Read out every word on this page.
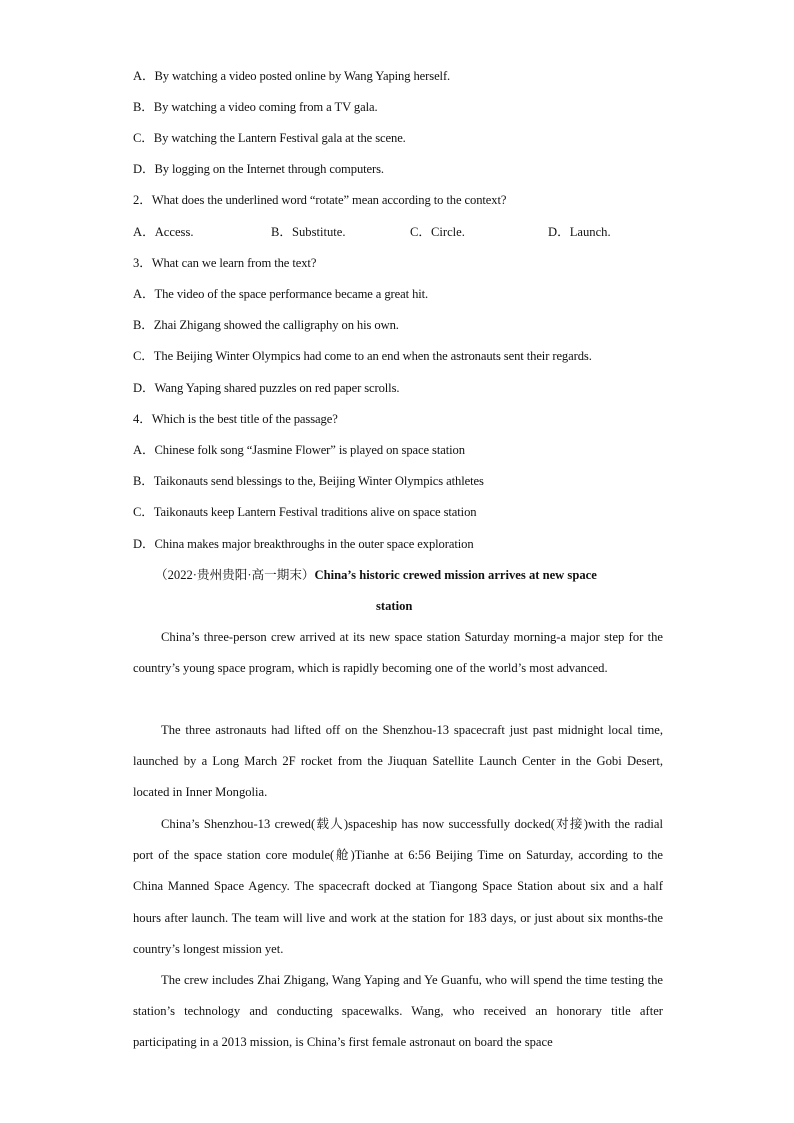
A．By watching a video posted online by Wang Yaping herself.
B．By watching a video coming from a TV gala.
C．By watching the Lantern Festival gala at the scene.
D．By logging on the Internet through computers.
2．What does the underlined word “rotate” mean according to the context?
A．Access.	B．Substitute.	C．Circle.	D．Launch.
3．What can we learn from the text?
A．The video of the space performance became a great hit.
B．Zhai Zhigang showed the calligraphy on his own.
C．The Beijing Winter Olympics had come to an end when the astronauts sent their regards.
D．Wang Yaping shared puzzles on red paper scrolls.
4．Which is the best title of the passage?
A．Chinese folk song “Jasmine Flower” is played on space station
B．Taikonauts send blessings to the, Beijing Winter Olympics athletes
C．Taikonauts keep Lantern Festival traditions alive on space station
D．China makes major breakthroughs in the outer space exploration
（2022·贵州贵阳·高一期末）China’s historic crewed mission arrives at new space
station
China’s three-person crew arrived at its new space station Saturday morning-a major step for the country’s young space program, which is rapidly becoming one of the world’s most advanced.
The three astronauts had lifted off on the Shenzhou-13 spacecraft just past midnight local time, launched by a Long March 2F rocket from the Jiuquan Satellite Launch Center in the Gobi Desert, located in Inner Mongolia.
China’s Shenzhou-13 crewed(载人)spaceship has now successfully docked(对接)with the radial port of the space station core module(舱)Tianhe at 6:56 Beijing Time on Saturday, according to the China Manned Space Agency. The spacecraft docked at Tiangong Space Station about six and a half hours after launch. The team will live and work at the station for 183 days, or just about six months-the country’s longest mission yet.
The crew includes Zhai Zhigang, Wang Yaping and Ye Guanfu, who will spend the time testing the station’s technology and conducting spacewalks. Wang, who received an honorary title after participating in a 2013 mission, is China’s first female astronaut on board the space
